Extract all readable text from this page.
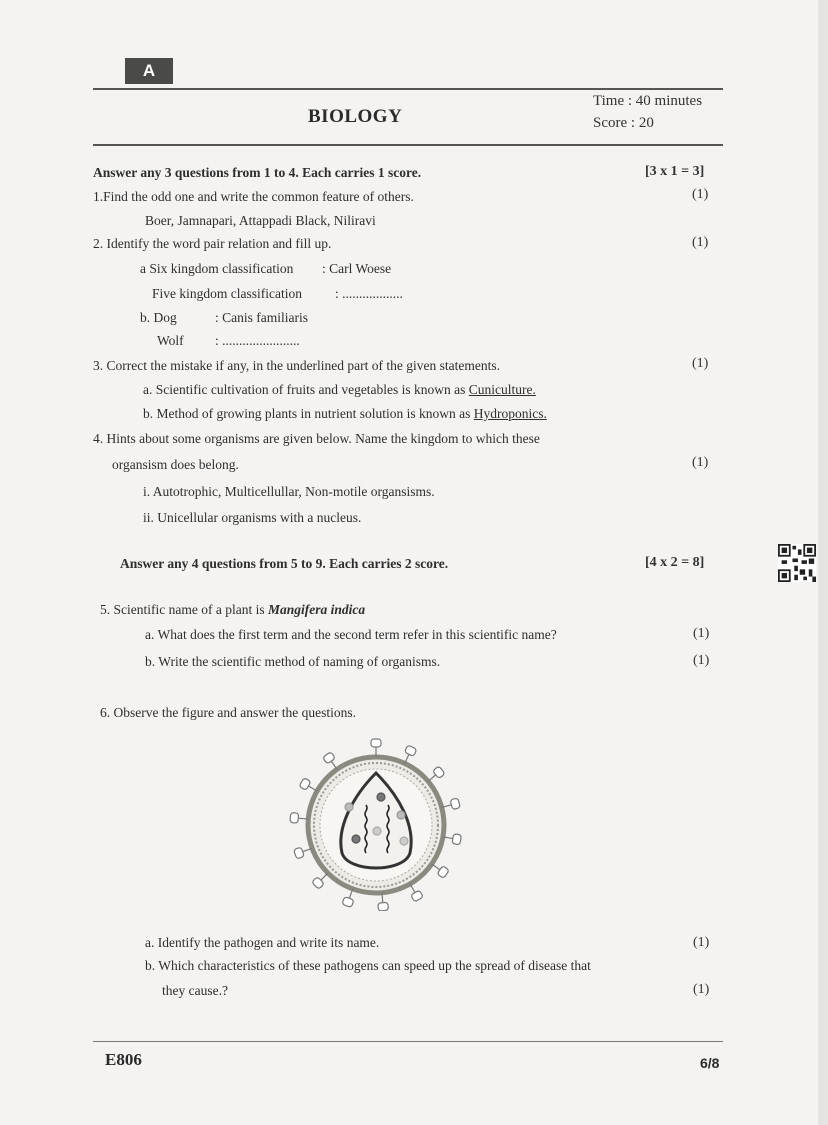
A
BIOLOGY
Time : 40 minutes
Score : 20
Answer any 3 questions from 1 to 4. Each carries 1 score.	[3 x 1 = 3]
1.Find the odd one and write the common feature of others.	(1)
Boer, Jamnapari, Attappadi Black, Niliravi
2. Identify the word pair relation and fill up.	(1)
a Six kingdom classification : Carl Woese
Five kingdom classification : ..................
b. Dog	: Canis familiaris
Wolf : .......................
3. Correct the mistake if any, in the underlined part of the given statements.	(1)
a. Scientific cultivation of fruits and vegetables is known as Cuniculture.
b. Method of growing plants in nutrient solution is known as Hydroponics.
4. Hints about some organisms are given below. Name the kingdom to which these
organsism does belong.	(1)
i. Autotrophic, Multicellullar, Non-motile organsisms.
ii. Unicellular organisms with a nucleus.
Answer any 4 questions from 5 to 9. Each carries 2 score.	[4 x 2 = 8]
5. Scientific name of a plant is Mangifera indica
a. What does the first term and the second term refer in this scientific name?	(1)
b. Write the scientific method of naming of organisms.	(1)
6. Observe the figure and answer the questions.
a. Identify the pathogen and write its name.	(1)
b. Which characteristics of these pathogens can speed up the spread of disease that
they cause.?	(1)
E806	6/8
